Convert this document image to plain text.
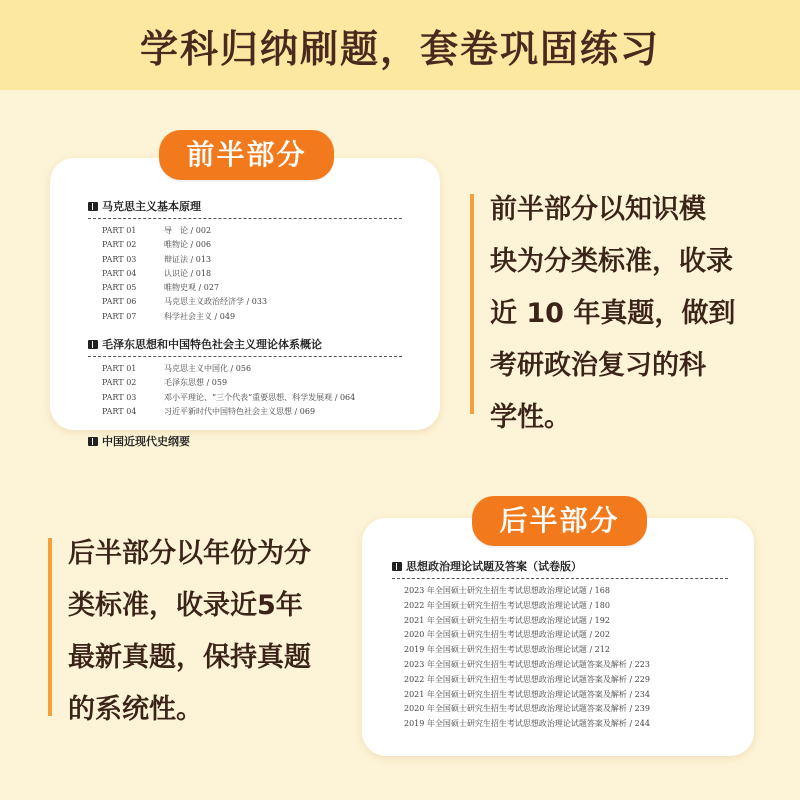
学科归纳刷题，套卷巩固练习
马克思主义基本原理
PART 01	导　论 / 002
PART 02	唯物论 / 006
PART 03	辩证法 / 013
PART 04	认识论 / 018
PART 05	唯物史观 / 027
PART 06	马克思主义政治经济学 / 033
PART 07	科学社会主义 / 049
毛泽东思想和中国特色社会主义理论体系概论
PART 01	马克思主义中国化 / 056
PART 02	毛泽东思想 / 059
PART 03	邓小平理论、“三个代表”重要思想、科学发展观 / 064
PART 04	习近平新时代中国特色社会主义思想 / 069
中国近现代史纲要
前半部分
前半部分以知识模
块为分类标准，收录
近 10 年真题，做到
考研政治复习的科
学性。
后半部分以年份为分
类标准，收录近5年
最新真题，保持真题
的系统性。
思想政治理论试题及答案（试卷版）
2023 年全国硕士研究生招生考试思想政治理论试题 / 168
2022 年全国硕士研究生招生考试思想政治理论试题 / 180
2021 年全国硕士研究生招生考试思想政治理论试题 / 192
2020 年全国硕士研究生招生考试思想政治理论试题 / 202
2019 年全国硕士研究生招生考试思想政治理论试题 / 212
2023 年全国硕士研究生招生考试思想政治理论试题答案及解析 / 223
2022 年全国硕士研究生招生考试思想政治理论试题答案及解析 / 229
2021 年全国硕士研究生招生考试思想政治理论试题答案及解析 / 234
2020 年全国硕士研究生招生考试思想政治理论试题答案及解析 / 239
2019 年全国硕士研究生招生考试思想政治理论试题答案及解析 / 244
后半部分
